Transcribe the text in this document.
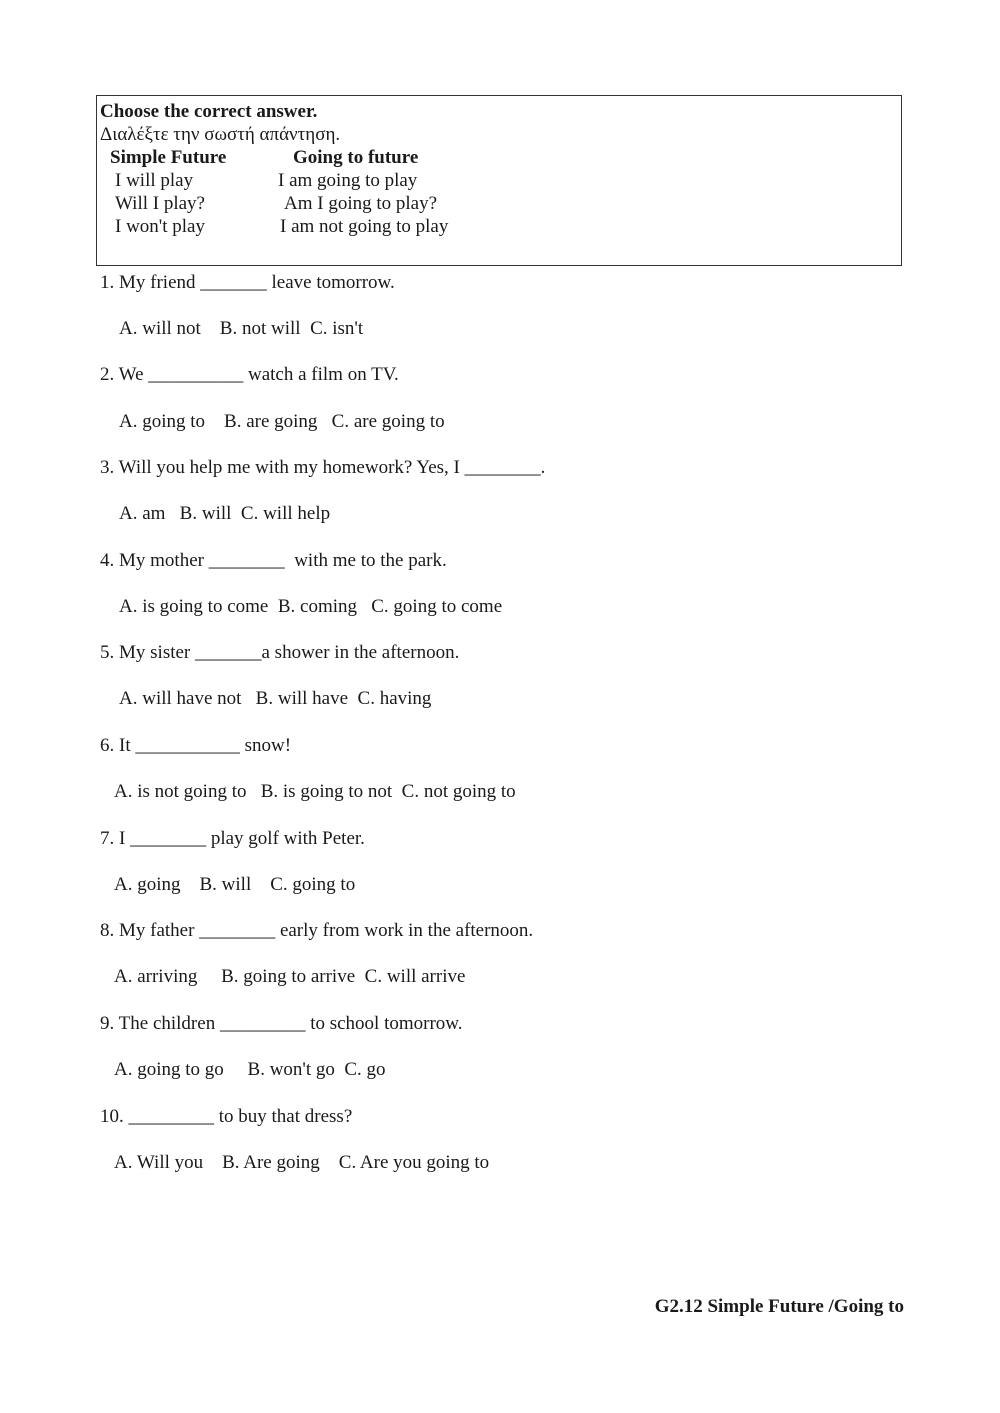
Choose the correct answer.
Διαλέξτε την σωστή απάντηση.
Simple Future	Going to future
I will play	I am going to play
Will I play?	Am I going to play?
I won't play	I am not going to play
1. My friend _______ leave tomorrow.
A. will not    B. not will  C. isn't
2. We __________ watch a film on TV.
A. going to    B. are going   C. are going to
3. Will you help me with my homework? Yes, I ________.
A. am   B. will  C. will help
4. My mother ________  with me to the park.
A. is going to come  B. coming   C. going to come
5. My sister _______a shower in the afternoon.
A. will have not   B. will have  C. having
6. It ___________ snow!
A. is not going to   B. is going to not  C. not going to
7. I ________ play golf with Peter.
A. going    B. will    C. going to
8. My father ________ early from work in the afternoon.
A. arriving     B. going to arrive  C. will arrive
9. The children _________ to school tomorrow.
A. going to go     B. won't go  C. go
10. _________ to buy that dress?
A. Will you    B. Are going    C. Are you going to
G2.12 Simple Future /Going to
